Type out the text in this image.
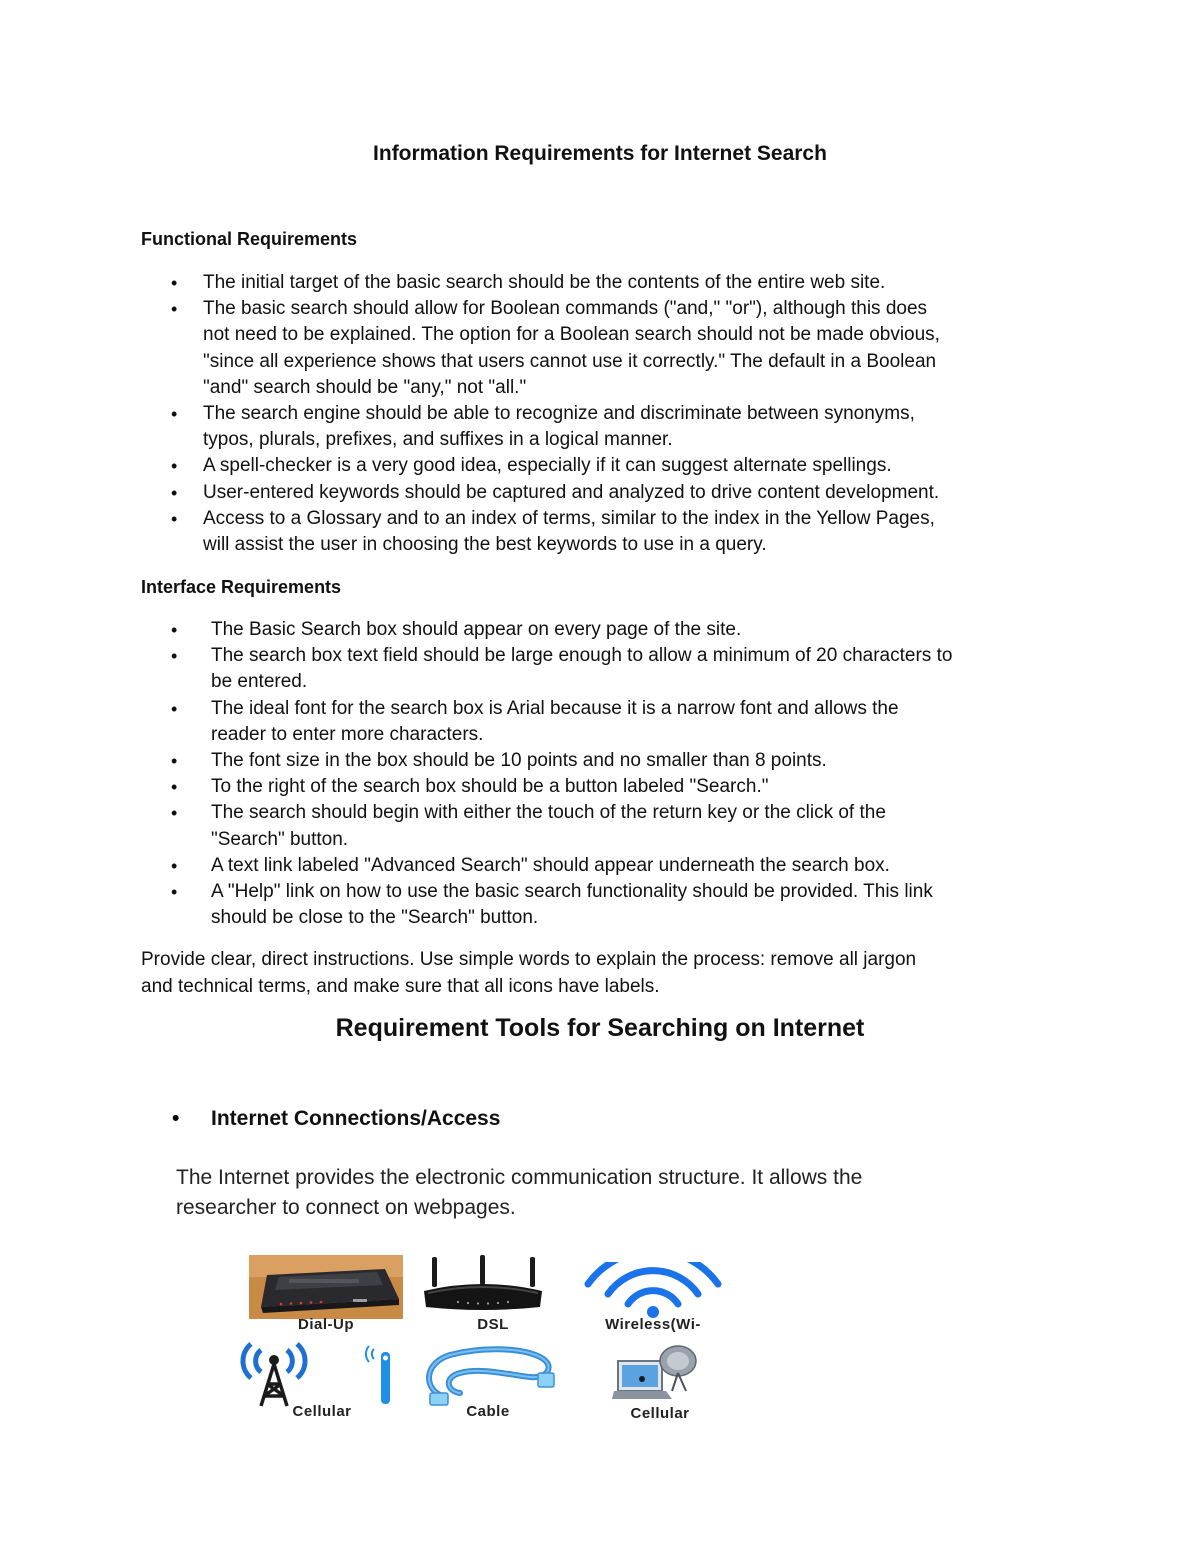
Information Requirements for Internet Search
Functional Requirements
• The initial target of the basic search should be the contents of the entire web site.
• The basic search should allow for Boolean commands ("and," "or"), although this does
not need to be explained. The option for a Boolean search should not be made obvious,
"since all experience shows that users cannot use it correctly." The default in a Boolean
"and" search should be "any," not "all."
• The search engine should be able to recognize and discriminate between synonyms,
typos, plurals, prefixes, and suffixes in a logical manner.
• A spell-checker is a very good idea, especially if it can suggest alternate spellings.
• User-entered keywords should be captured and analyzed to drive content development.
• Access to a Glossary and to an index of terms, similar to the index in the Yellow Pages,
will assist the user in choosing the best keywords to use in a query.
Interface Requirements
• The Basic Search box should appear on every page of the site.
• The search box text field should be large enough to allow a minimum of 20 characters to
be entered.
• The ideal font for the search box is Arial because it is a narrow font and allows the
reader to enter more characters.
• The font size in the box should be 10 points and no smaller than 8 points.
• To the right of the search box should be a button labeled "Search."
• The search should begin with either the touch of the return key or the click of the
"Search" button.
• A text link labeled "Advanced Search" should appear underneath the search box.
• A "Help" link on how to use the basic search functionality should be provided. This link
should be close to the "Search" button.
Provide clear, direct instructions. Use simple words to explain the process: remove all jargon
and technical terms, and make sure that all icons have labels.
Requirement Tools for Searching on Internet
• Internet Connections/Access
The Internet provides the electronic communication structure. It allows the
researcher to connect on webpages.
Dial-Up	DSL	Wireless(Wi-
Cellular	Cable	Cellular
